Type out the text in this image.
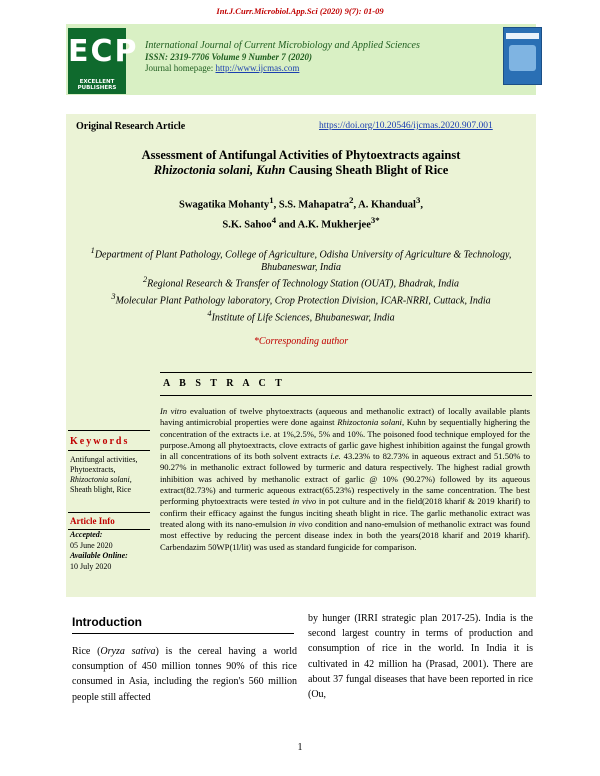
Int.J.Curr.Microbiol.App.Sci (2020) 9(7): 01-09
ECP
EXCELLENT
PUBLISHERS
International Journal of Current Microbiology and Applied Sciences
ISSN: 2319-7706 Volume 9 Number 7 (2020)
Journal homepage: http://www.ijcmas.com
Original Research Article	https://doi.org/10.20546/ijcmas.2020.907.001
Assessment of Antifungal Activities of Phytoextracts against
Rhizoctonia solani, Kuhn Causing Sheath Blight of Rice
Swagatika Mohanty$^1$, S.S. Mahapatra$^2$, A. Khandual$^3$,
S.K. Sahoo$^4$ and A.K. Mukherjee$^{3*}$
$^1$Department of Plant Pathology, College of Agriculture, Odisha University of Agriculture & Technology, Bhubaneswar, India
$^2$Regional Research & Transfer of Technology Station (OUAT), Bhadrak, India
$^3$Molecular Plant Pathology laboratory, Crop Protection Division, ICAR-NRRI, Cuttack, India
$^4$Institute of Life Sciences, Bhubaneswar, India
*Corresponding author
A B S T R A C T
In vitro evaluation of twelve phytoextracts (aqueous and methanolic extract) of locally available plants having antimicrobial properties were done against Rhizoctonia solani, Kuhn by sequentially highering the concentration of the extracts i.e. at 1%,2.5%, 5% and 10%. The poisoned food technique employed for the purpose.Among all phytoextracts, clove extracts of garlic gave highest inhibition against the fungal growth in all concentrations of its both solvent extracts i.e. 43.23% to 82.73% in aqueous extract and 51.50% to 90.27% in methanolic extract followed by turmeric and datura respectively. The highest radial growth inhibition was achived by methanolic extract of garlic @ 10% (90.27%) followed by its aqueous extract(82.73%) and turmeric aqueous extract(65.23%) respectively in the same concentration. The best performing phytoextracts were tested in vivo in pot culture and in the field(2018 kharif & 2019 kharif) to confirm their efficacy against the fungus inciting sheath blight in rice. The garlic methanolic extract was treated along with its nano-emulsion in vivo condition and nano-emulsion of methanolic extract was found most effective by reducing the percent disease index in both the years(2018 kharif and 2019 kharif). Carbendazim 50WP(1l/lit) was used as standard fungicide for comparison.
Keywords
Antifungal activities, Phytoextracts, Rhizoctonia solani, Sheath blight, Rice
Article Info
Accepted:
05 June 2020
Available Online:
10 July 2020
Introduction
Rice (Oryza sativa) is the cereal having a world consumption of 450 million tonnes 90% of this rice consumed in Asia, including the region's 560 million people still affected
by hunger (IRRI strategic plan 2017-25). India is the second largest country in terms of production and consumption of rice in the world. In India it is cultivated in 42 million ha (Prasad, 2001). There are about 37 fungal diseases that have been reported in rice (Ou,
1
